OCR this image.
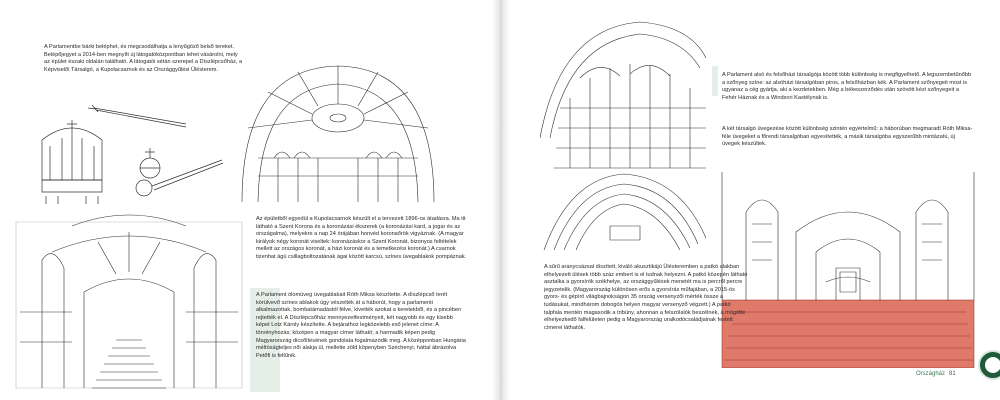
A Parlamentbe bárki beléphet, és megcsodálhatja a lenyűgöző belső tereket. Belépőjegyet a 2014-ben megnyílt új látogatóközpontban lehet vásárolni, mely az épület északi oldalán található. A látogatói sétán szerepel a Díszlépcsőház, a Képviselői Társalgó, a Kupolacsarnok és az Országgyűlési Ülésterem.

Az épületből egyedül a Kupolacsarnok készült el a tervezett 1896-os átadásra. Ma itt látható a Szent Korona és a koronázási ékszerek (a koronázási kard, a jogar és az országalma), melyekre a nap 24 órájában honvéd koronaőrök vigyáznak. (A magyar királyok négy koronát viseltek: koronázáskor a Szent Koronát, bizonyos feltételek mellett az országos koronát, a házi koronát és a temetkezési koronát.) A csarnok tizenhat ágú csillagboltozatának ágai között karcsú, színes üvegablakok pompáznak.

A Parlament ólomüveg üvegablakait Róth Miksa készítette. A díszlépcső terét körülvevő színes ablakok úgy vészelték át a háborút, hogy a parlamenti alkalmazottak, bombatámadástól félve, kivették azokat a keretekből, és a pincében rejtették el. A Díszlépcsőház mennyezetfestményeit, két nagyobb és egy kisebb képet Lotz Károly készítette. A bejárathoz legközelebb eső jelenet címe: A törvényhozás; középen a magyar címer látható; a harmadik képen pedig Magyarország dicsőítésének gondolata fogalmazódik meg. A középponban Hungária méltóságteljes női alakja ül, mellette zöld köpenyben Széchenyi, háttal ábrázolva Petőfi is feltűnik.

A Parlament alsó és felsőházi társalgója között több különbség is megfigyelhető. A legszembetűnőbb a szőnyeg színe: az alsóházi társalgóban piros, a felsőházban kék. A Parlament szőnyegeit most is ugyanaz a cég gyártja, aki a kezdetekben. Még a békeszerződés után szövött kézi szőnyegeit a Fehér Háznak és a Windsori Kastélynak is.

A két társalgó üvegezése között különbség szintén egyértelmű: a háborúban megmaradt Róth Miksa-féle üvegeket a főrendi társalgóban egyesítették, a másik társalgóba egyszerűbb mintázatú, új üvegek készültek.

A sűrű aranycsázsal díszített, kiváló akusztikájú Ülésteremben a patkó alakban elhelyezett ülések több száz embert is el tudnak helyezni. A patkó közepén látható asztalka a gyorsírók székhelye, az országgyűlések menetét ma is percről percre jegyzetelik. (Magyarország különösen erős a gyorsírás műfajában, a 2015-ös gyors- és gépíró világbajnokságon 35 ország versenyzői mérték össze a tudásukat, mindhárom dobogós helyen magyar versenyző végzett.) A patkó talpfala mentén magasodik a tribüny, ahonnan a felszólalók beszélnek, a mögötte elhelyezkedő falfelületen pedig a Magyarország uralkodócsaládjainak festett címerei láthatók.

Országház 81
